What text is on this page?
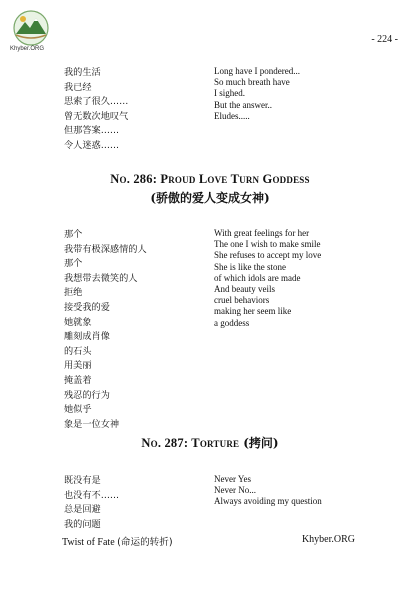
Khyber.ORG
- 224 -
我的生活
我已经
思索了很久……
曾无数次地叹气
但那答案……
令人迷惑……
Long have I pondered...
So much breath have
I sighed.
But the answer..
Eludes.....
No. 286: Proud Love Turn Goddess
(骄傲的爱人变成女神)
那个
我带有极深感情的人
那个
我想带去微笑的人
拒绝
接受我的爱
她就象
雕刻成肖像
的石头
用美丽
掩盖着
残忍的行为
她似乎
象是一位女神
With great feelings for her
The one I wish to make smile
She refuses to accept my love
She is like the stone
of which idols are made
And beauty veils
cruel behaviors
making her seem like
a goddess
No. 287: Torture (拷问)
既没有是
也没有不……
总是回避
我的问题
Never Yes
Never No...
Always avoiding my question
Twist of Fate (命运的转折)	Khyber.ORG
